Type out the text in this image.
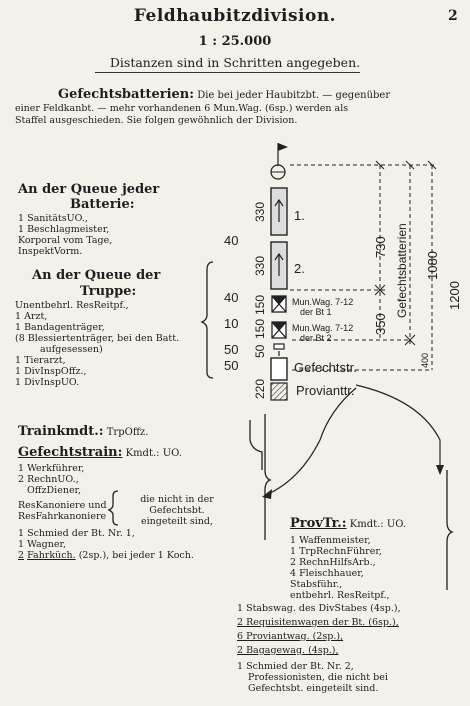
Feldhaubitzdivision.	2
1 : 25.000
Distanzen sind in Schritten angegeben.
Gefechtsbatterien: Die bei jeder Haubitzbt. — gegenüber
einer Feldkanbt. — mehr vorhandenen 6 Mun.Wag. (6sp.) werden als
Staffel ausgeschieden. Sie folgen gewöhnlich der Division.
An der Queue jeder
Batterie:
1 SanitätsUO.,
1 Beschlagmeister,
Korporal vom Tage,
InspektVorm.
An der Queue der
Truppe:
Unentbehrl. ResReitpf.,
1 Arzt,
1 Bandagenträger,
(8 Blessiertenträger, bei den Batt.
aufgesessen)
1 Tierarzt,
1 DivInspOffz.,
1 DivInspUO.
Trainkmdt.: TrpOffz.
Gefechtstrain: Kmdt.: UO.
1 Werkführer,
2 RechnUO.,
OffzDiener,
ResKanoniere und
ResFahrkanoniere
die nicht in der
Gefechtsbt.
eingeteilt sind,
1 Schmied der Bt. Nr. 1,
1 Wagner,
2 Fahrküch. (2sp.), bei jeder 1 Koch.
ProvTr.: Kmdt.: UO.
1 Waffenmeister,
1 TrpRechnFührer,
2 RechnHilfsArb.,
4 Fleischhauer,
Stabsführ.,
entbehrl. ResReitpf.,
1 Stabswag. des DivStabes (4sp.),
2 Requisitenwagen der Bt. (6sp.),
6 Proviantwag. (2sp.),
2 Bagagewag. (4sp.),
1 Schmied der Bt. Nr. 2,
Professionisten, die nicht bei
Gefechtsbt. eingeteilt sind.
330
330
150
150
50
220
1.
2.
Mun.Wag. 7-12
der Bt 1
Mun.Wag. 7-12
der Bt 2
Gefechtstr.
Provianttr.
40
40
10
50
50
730
350
1080
1200
400
Gefechtsbatterien
